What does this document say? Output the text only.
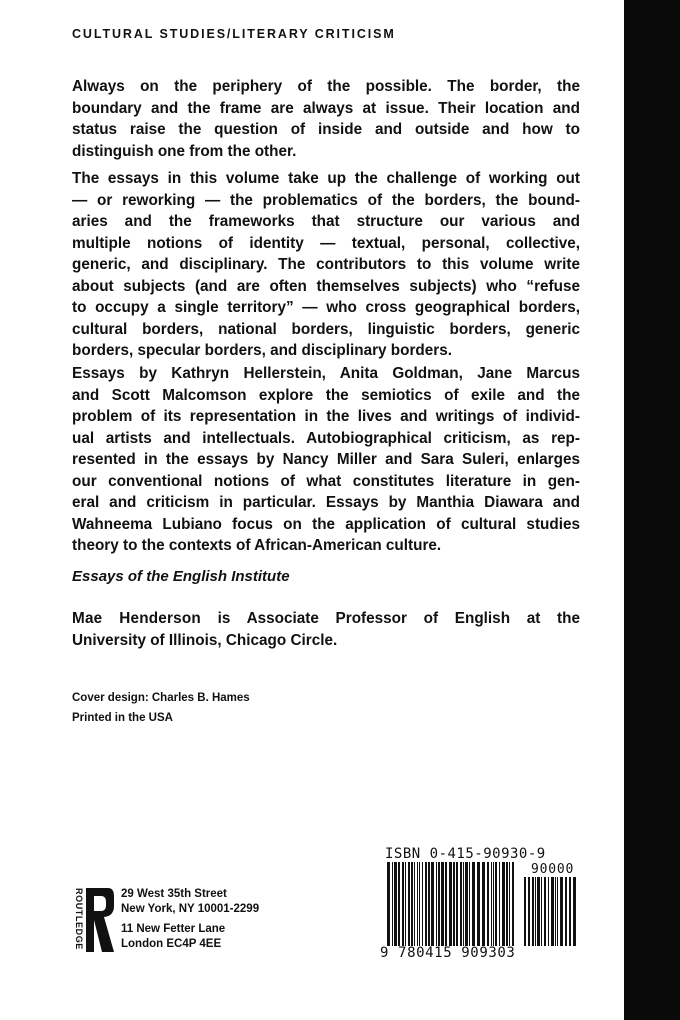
CULTURAL STUDIES/LITERARY CRITICISM
Always on the periphery of the possible. The border, the
boundary and the frame are always at issue. Their location and
status raise the question of inside and outside and how to
distinguish one from the other.
The essays in this volume take up the challenge of working out
— or reworking — the problematics of the borders, the bound-
aries and the frameworks that structure our various and
multiple notions of identity — textual, personal, collective,
generic, and disciplinary. The contributors to this volume write
about subjects (and are often themselves subjects) who “refuse
to occupy a single territory” — who cross geographical borders,
cultural borders, national borders, linguistic borders, generic
borders, specular borders, and disciplinary borders.
Essays by Kathryn Hellerstein, Anita Goldman, Jane Marcus
and Scott Malcomson explore the semiotics of exile and the
problem of its representation in the lives and writings of individ-
ual artists and intellectuals. Autobiographical criticism, as rep-
resented in the essays by Nancy Miller and Sara Suleri, enlarges
our conventional notions of what constitutes literature in gen-
eral and criticism in particular. Essays by Manthia Diawara and
Wahneema Lubiano focus on the application of cultural studies
theory to the contexts of African-American culture.
Essays of the English Institute
Mae Henderson is Associate Professor of English at the
University of Illinois, Chicago Circle.
Cover design: Charles B. Hames
Printed in the USA
ROUTLEDGE	29 West 35th Street
New York, NY 10001-2299
11 New Fetter Lane
London EC4P 4EE
ISBN 0-415-90930-9
90000
9 780415 909303
